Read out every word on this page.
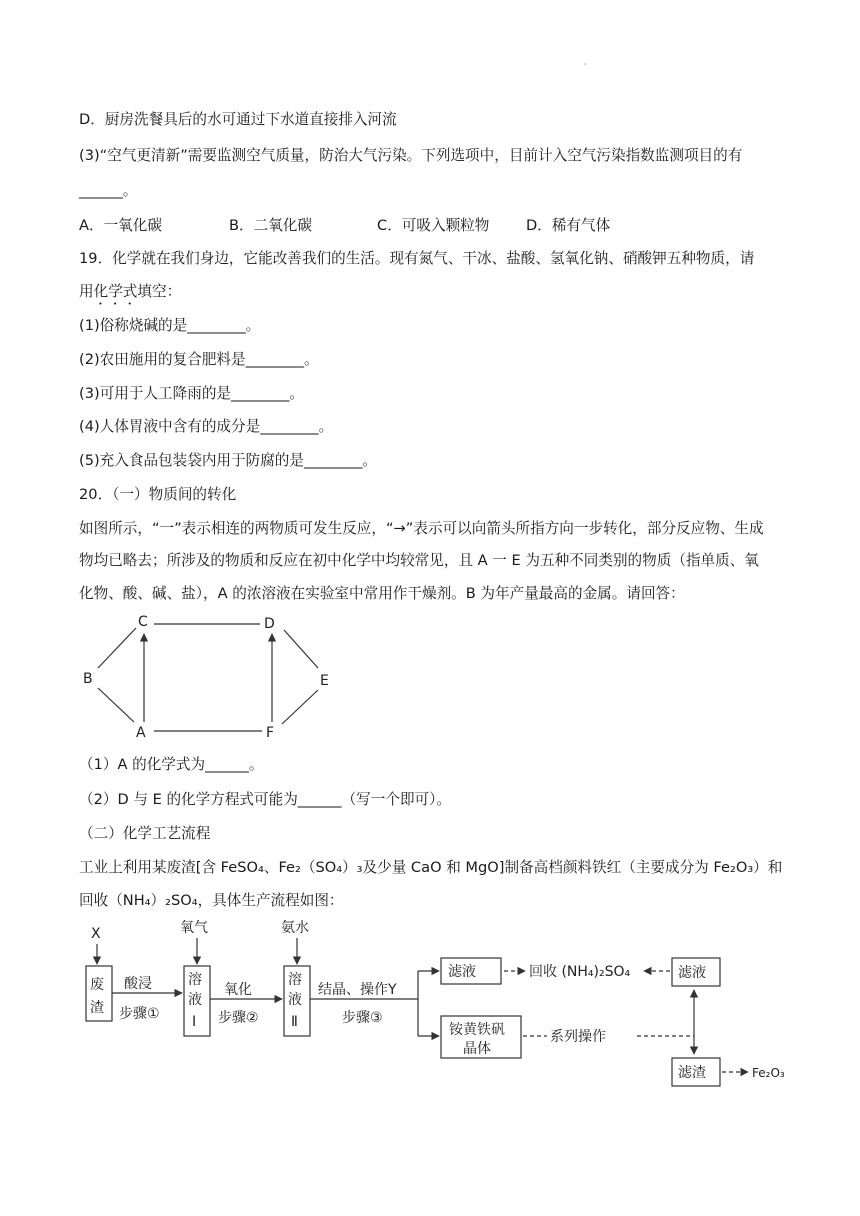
'
D．厨房洗餐具后的水可通过下水道直接排入河流
(3)“空气更清新”需要监测空气质量，防治大气污染。下列选项中，目前计入空气污染指数监测项目的有
______。
A．一氧化碳	B．二氧化碳	C．可吸入颗粒物	D．稀有气体
19．化学就在我们身边，它能改善我们的生活。现有氮气、干冰、盐酸、氢氧化钠、硝酸钾五种物质，请
用化学式填空：
(1)俗称烧碱的是________。
(2)农田施用的复合肥料是________。
(3)可用于人工降雨的是________。
(4)人体胃液中含有的成分是________。
(5)充入食品包装袋内用于防腐的是________。
20．（一）物质间的转化
如图所示，“一”表示相连的两物质可发生反应，“→”表示可以向箭头所指方向一步转化，部分反应物、生成
物均已略去；所涉及的物质和反应在初中化学中均较常见，且 A 一 E 为五种不同类别的物质（指单质、氧
化物、酸、碱、盐），A 的浓溶液在实验室中常用作干燥剂。B 为年产量最高的金属。请回答：
C	D
B	E
A	F
（1）A 的化学式为______。
（2）D 与 E 的化学方程式可能为______（写一个即可）。
（二）化学工艺流程
工业上利用某废渣[含 FeSO₄、Fe₂（SO₄）₃及少量 CaO 和 MgO]制备高档颜料铁红（主要成分为 Fe₂O₃）和
回收（NH₄）₂SO₄，具体生产流程如图：
X	氧气	氨水
废
渣
酸浸
步骤①
溶
液
Ⅰ
氧化
步骤②
溶
液
Ⅱ
结晶、操作Y
步骤③
滤液	回收 (NH₄)₂SO₄	滤液
铵黄铁矾
晶体
系列操作
滤渣	Fe₂O₃
